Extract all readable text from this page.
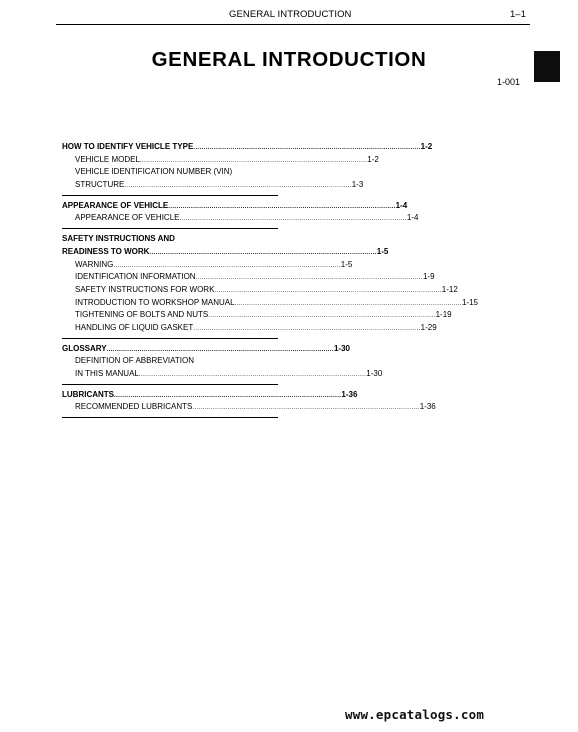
GENERAL INTRODUCTION	1–1
GENERAL INTRODUCTION
1-001
HOW TO IDENTIFY VEHICLE TYPE .............................................................................................................. 1-2
VEHICLE MODEL .............................................................................................................. 1-2
VEHICLE IDENTIFICATION NUMBER (VIN)
STRUCTURE .............................................................................................................. 1-3
APPEARANCE OF VEHICLE .............................................................................................................. 1-4
APPEARANCE OF VEHICLE .............................................................................................................. 1-4
SAFETY INSTRUCTIONS AND
READINESS TO WORK .............................................................................................................. 1-5
WARNING .............................................................................................................. 1-5
IDENTIFICATION INFORMATION .............................................................................................................. 1-9
SAFETY INSTRUCTIONS FOR WORK .............................................................................................................. 1-12
INTRODUCTION TO WORKSHOP MANUAL .............................................................................................................. 1-15
TIGHTENING OF BOLTS AND NUTS .............................................................................................................. 1-19
HANDLING OF LIQUID GASKET .............................................................................................................. 1-29
GLOSSARY .............................................................................................................. 1-30
DEFINITION OF ABBREVIATION
IN THIS MANUAL .............................................................................................................. 1-30
LUBRICANTS .............................................................................................................. 1-36
RECOMMENDED LUBRICANTS .............................................................................................................. 1-36
www.epcatalogs.com
